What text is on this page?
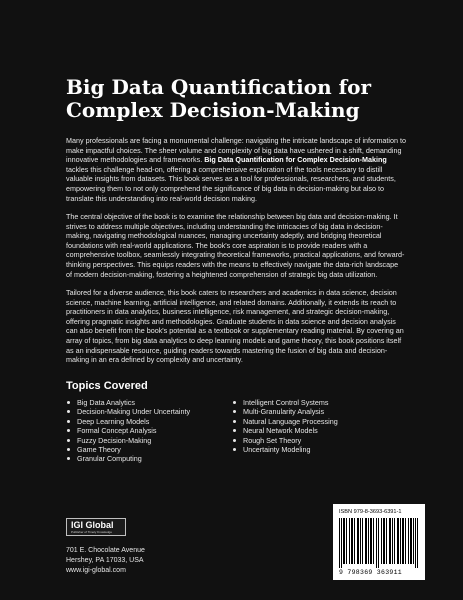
Big Data Quantification for
Complex Decision-Making

Many professionals are facing a monumental challenge: navigating the intricate landscape of information to make impactful choices. The sheer volume and complexity of big data have ushered in a shift, demanding innovative methodologies and frameworks. Big Data Quantification for Complex Decision-Making tackles this challenge head-on, offering a comprehensive exploration of the tools necessary to distill valuable insights from datasets. This book serves as a tool for professionals, researchers, and students, empowering them to not only comprehend the significance of big data in decision-making but also to translate this understanding into real-world decision making.

The central objective of the book is to examine the relationship between big data and decision-making. It strives to address multiple objectives, including understanding the intricacies of big data in decision-making, navigating methodological nuances, managing uncertainty adeptly, and bridging theoretical foundations with real-world applications. The book's core aspiration is to provide readers with a comprehensive toolbox, seamlessly integrating theoretical frameworks, practical applications, and forward-thinking perspectives. This equips readers with the means to effectively navigate the data-rich landscape of modern decision-making, fostering a heightened comprehension of strategic big data utilization.

Tailored for a diverse audience, this book caters to researchers and academics in data science, decision science, machine learning, artificial intelligence, and related domains. Additionally, it extends its reach to practitioners in data analytics, business intelligence, risk management, and strategic decision-making, offering pragmatic insights and methodologies. Graduate students in data science and decision analysis can also benefit from the book's potential as a textbook or supplementary reading material. By covering an array of topics, from big data analytics to deep learning models and game theory, this book positions itself as an indispensable resource, guiding readers towards mastering the fusion of big data and decision-making in an era defined by complexity and uncertainty.

Topics Covered
Big Data Analytics
Decision-Making Under Uncertainty
Deep Learning Models
Formal Concept Analysis
Fuzzy Decision-Making
Game Theory
Granular Computing
Intelligent Control Systems
Multi-Granularity Analysis
Natural Language Processing
Neural Network Models
Rough Set Theory
Uncertainty Modeling
IGI Global
Publisher of Timely Knowledge

701 E. Chocolate Avenue
Hershey, PA 17033, USA
www.igi-global.com

ISBN 979-8-3693-6391-1
9 798369 363911
